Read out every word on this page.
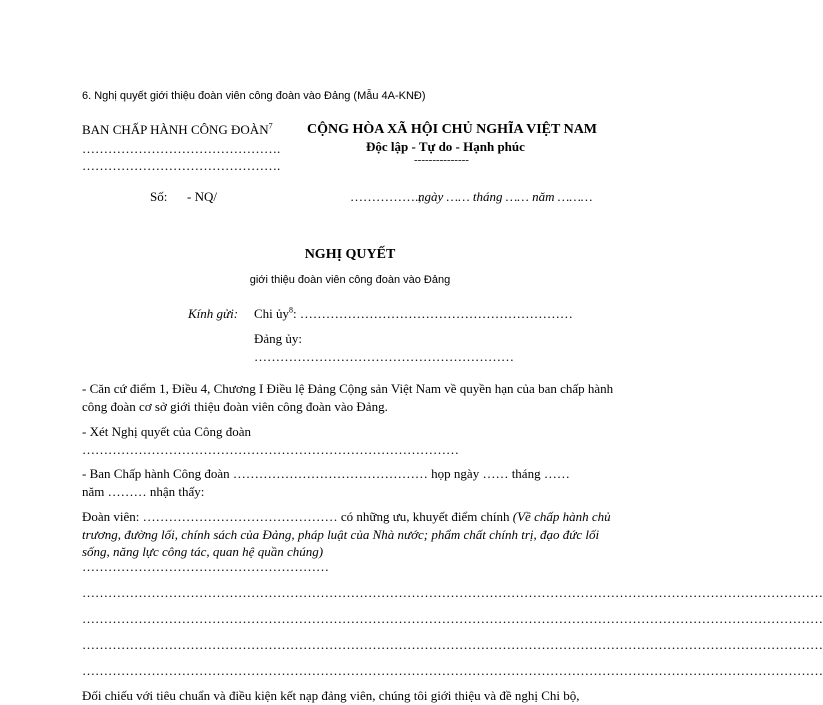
6. Nghị quyết giới thiệu đoàn viên công đoàn vào Đảng (Mẫu 4A-KNĐ)
BAN CHẤP HÀNH CÔNG ĐOÀN$^7$
……………………………………….
……………………………………….
Số: - NQ/
CỘNG HÒA XÃ HỘI CHỦ NGHĨA VIỆT NAM
Độc lập - Tự do - Hạnh phúc
---------------
…………….,
ngày …… tháng …… năm ………
NGHỊ QUYẾT
giới thiệu đoàn viên công đoàn vào Đảng
Kính gửi: Chi ủy$^8$: ………………………………………………………
Đảng ủy:
……………………………………………………
- Căn cứ điểm 1, Điều 4, Chương I Điều lệ Đảng Cộng sản Việt Nam về quyền hạn của ban chấp hành công đoàn cơ sở giới thiệu đoàn viên công đoàn vào Đảng.
- Xét Nghị quyết của Công đoàn
……………………………………………………………………………
- Ban Chấp hành Công đoàn ……………………………………… họp ngày …… tháng ……
năm ……… nhận thấy:
Đoàn viên: ……………………………………… có những ưu, khuyết điểm chính (Về chấp hành chủ trương, đường lối, chính sách của Đảng, pháp luật của Nhà nước; phẩm chất chính trị, đạo đức lối sống, năng lực công tác, quan hệ quần chúng)
…………………………………………………
………………………………………………………………………………………………………………………………………………………
………………………………………………………………………………………………………………………………………………………
………………………………………………………………………………………………………………………………………………………
………………………………………………………………………………………………………………………………………………………
Đối chiếu với tiêu chuẩn và điều kiện kết nạp đảng viên, chúng tôi giới thiệu và đề nghị Chi bộ,
